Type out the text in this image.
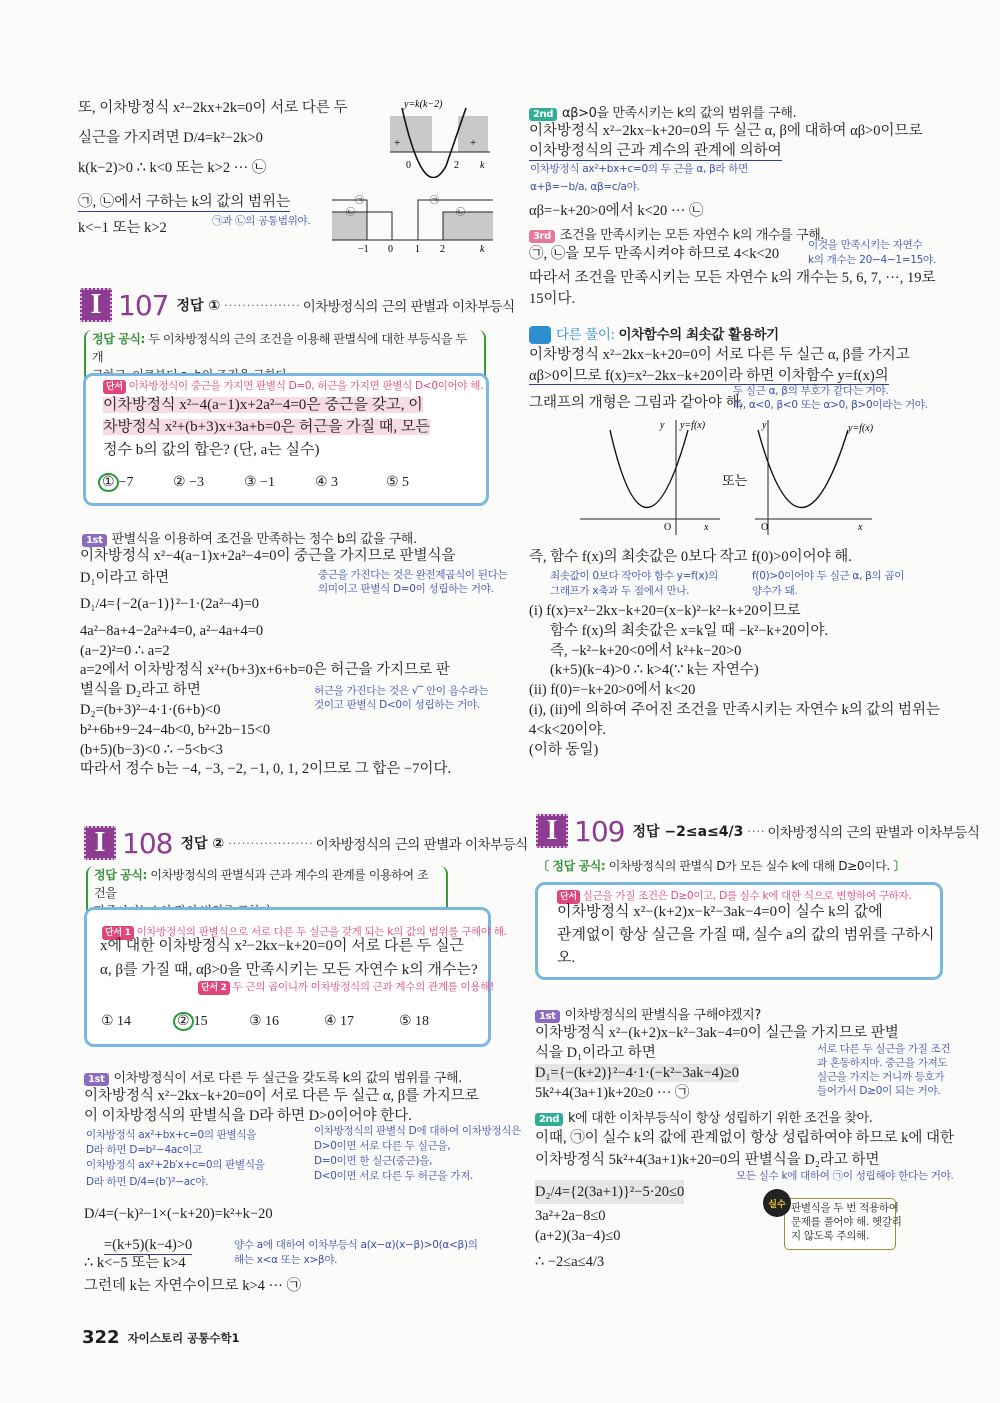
또, 이차방정식 x²−2kx+2k=0이 서로 다른 두
실근을 가지려면 D/4=k²−2k>0
k(k−2)>0 ∴ k<0 또는 k>2 ··· ㉡
㉠, ㉡에서 구하는 k의 값의 범위는
k<−1 또는 k>2	㉠과 ㉡의 공통범위야.
y=k(k−2)
+	+
0	2 k
㉠
㉡
㉠
㉡
−1 0 1 2	k
I 107 정답 ① ················· 이차방정식의 근의 판별과 이차부등식
정답 공식: 두 이차방정식의 근의 조건을 이용해 판별식에 대한 부등식을 두 개

단서 이차방정식이 중근을 가지면 판별식 D=0, 허근을 가지면 판별식 D<0이어야 해.
이차방정식 x²−4(a−1)x+2a²−4=0은 중근을 갖고, 이
차방정식 x²+(b+3)x+3a+b=0은 허근을 가질 때, 모든
정수 b의 값의 합은? (단, a는 실수)
① −7	② −3	③ −1	④ 3	⑤ 5
1st 판별식을 이용하여 조건을 만족하는 정수 b의 값을 구해.
이차방정식 x²−4(a−1)x+2a²−4=0이 중근을 가지므로 판별식을
D₁이라고 하면
D₁/4={−2(a−1)}²−1·(2a²−4)=0
4a²−8a+4−2a²+4=0, a²−4a+4=0
(a−2)²=0 ∴ a=2
a=2에서 이차방정식 x²+(b+3)x+6+b=0은 허근을 가지므로 판
별식을 D₂라고 하면
D₂=(b+3)²−4·1·(6+b)<0
b²+6b+9−24−4b<0, b²+2b−15<0
(b+5)(b−3)<0 ∴ −5<b<3
따라서 정수 b는 −4, −3, −2, −1, 0, 1, 2이므로 그 합은 −7이다.
중근을 가진다는 것은 완전제곱식이 된다는
의미이고 판별식 D=0이 성립하는 거야.
허근을 가진다는 것은 √‾ 안이 음수라는
것이고 판별식 D<0이 성립하는 거야.
I 108 정답 ② ··················· 이차방정식의 근의 판별과 이차부등식
정답 공식: 이차방정식의 판별식과 근과 계수의 관계를 이용하여 조건을

단서 1 이차방정식의 판별식으로 서로 다른 두 실근을 갖게 되는 k의 값의 범위를 구해야 해.
x에 대한 이차방정식 x²−2kx−k+20=0이 서로 다른 두 실근
α, β를 가질 때, αβ>0을 만족시키는 모든 자연수 k의 개수는?
단서 2 두 근의 곱이니까 이차방정식의 근과 계수의 관계를 이용해!
① 14	② 15	③ 16	④ 17	⑤ 18
1st 이차방정식이 서로 다른 두 실근을 갖도록 k의 값의 범위를 구해.
이차방정식 x²−2kx−k+20=0이 서로 다른 두 실근 α, β를 가지므로
이 이차방정식의 판별식을 D라 하면 D>0이어야 한다.
이차방정식 ax²+bx+c=0의 판별식을
D라 하면 D=b²−4ac이고
이차방정식 ax²+2b′x+c=0의 판별식을
D라 하면 D/4=(b′)²−ac야.
이차방정식의 판별식 D에 대하여 이차방정식은
D>0이면 서로 다른 두 실근을,
D=0이면 한 실근(중근)을,
D<0이면 서로 다른 두 허근을 가져.
D/4=(−k)²−1×(−k+20)=k²+k−20
=(k+5)(k−4)>0
∴ k<−5 또는 k>4
그런데 k는 자연수이므로 k>4 ··· ㉠
양수 a에 대하여 이차부등식 a(x−α)(x−β)>0(α<β)의
해는 x<α 또는 x>β야.
322 자이스토리 공통수학1
2nd αβ>0을 만족시키는 k의 값의 범위를 구해.
이차방정식 x²−2kx−k+20=0의 두 실근 α, β에 대하여 αβ>0이므로
이차방정식의 근과 계수의 관계에 의하여
이차방정식 ax²+bx+c=0의 두 근을 α, β라 하면
α+β=−b/a, αβ=c/a야.
αβ=−k+20>0에서 k<20 ··· ㉡
3rd 조건을 만족시키는 모든 자연수 k의 개수를 구해.
㉠, ㉡을 모두 만족시켜야 하므로 4<k<20
이것을 만족시키는 자연수
k의 개수는 20−4−1=15야.
따라서 조건을 만족시키는 모든 자연수 k의 개수는 5, 6, 7, ···, 19로
15이다.
다른 풀이: 이차함수의 최솟값 활용하기
이차방정식 x²−2kx−k+20=0이 서로 다른 두 실근 α, β를 가지고
αβ>0이므로 f(x)=x²−2kx−k+20이라 하면 이차함수 y=f(x)의
그래프의 개형은 그림과 같아야 해.
두 실근 α, β의 부호가 같다는 거야.
즉, α<0, β<0 또는 α>0, β>0이라는 거야.
y y=f(x)
O	x
또는
y	y=f(x)
O	x
즉, 함수 f(x)의 최솟값은 0보다 작고 f(0)>0이어야 해.
최솟값이 0보다 작아야 함수 y=f(x)의
그래프가 x축과 두 점에서 만나.
f(0)>0이어야 두 실근 α, β의 곱이
양수가 돼.
(i) f(x)=x²−2kx−k+20=(x−k)²−k²−k+20이므로
함수 f(x)의 최솟값은 x=k일 때 −k²−k+20이야.
즉, −k²−k+20<0에서 k²+k−20>0
(k+5)(k−4)>0 ∴ k>4(∵ k는 자연수)
(ii) f(0)=−k+20>0에서 k<20
(i), (ii)에 의하여 주어진 조건을 만족시키는 자연수 k의 값의 범위는
4<k<20이야.
(이하 동일)
I 109 정답 −2≤a≤4/3 ···· 이차방정식의 근의 판별과 이차부등식
〔 정답 공식: 이차방정식의 판별식 D가 모든 실수 k에 대해 D≥0이다. 〕
단서 실근을 가질 조건은 D≥0이고, D를 실수 k에 대한 식으로 변형하여 구하자.
이차방정식 x²−(k+2)x−k²−3ak−4=0이 실수 k의 값에
관계없이 항상 실근을 가질 때, 실수 a의 값의 범위를 구하시
오.
1st 이차방정식의 판별식을 구해야겠지?
이차방정식 x²−(k+2)x−k²−3ak−4=0이 실근을 가지므로 판별
식을 D₁이라고 하면
D₁={−(k+2)}²−4·1·(−k²−3ak−4)≥0
5k²+4(3a+1)k+20≥0 ··· ㉠
서로 다른 두 실근을 가질 조건
과 혼동하지마. 중근을 가져도
실근을 가지는 거니까 등호가
들어가서 D≥0이 되는 거야.
2nd k에 대한 이차부등식이 항상 성립하기 위한 조건을 찾아.
이때, ㉠이 실수 k의 값에 관계없이 항상 성립하여야 하므로 k에 대한
이차방정식 5k²+4(3a+1)k+20=0의 판별식을 D₂라고 하면
모든 실수 k에 대하여 ㉠이 성립해야 한다는 거야.
D₂/4={2(3a+1)}²−5·20≤0
3a²+2a−8≤0
(a+2)(3a−4)≤0
∴ −2≤a≤4/3
실수 판별식을 두 번 적용하여
문제를 풀어야 해. 헷갈리
지 않도록 주의해.
